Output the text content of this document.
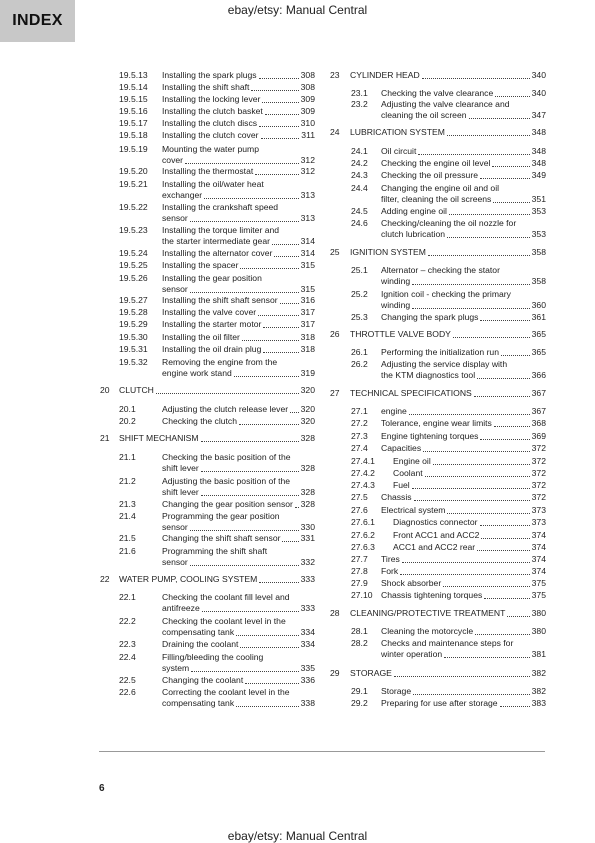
INDEX
ebay/etsy: Manual Central
19.5.13	Installing the spark plugs	308
19.5.14	Installing the shift shaft	308
19.5.15	Installing the locking lever	309
19.5.16	Installing the clutch basket	309
19.5.17	Installing the clutch discs	310
19.5.18	Installing the clutch cover	311
19.5.19	Mounting the water pump
cover	312
19.5.20	Installing the thermostat	312
19.5.21	Installing the oil/water heat
exchanger	313
19.5.22	Installing the crankshaft speed
sensor	313
19.5.23	Installing the torque limiter and
the starter intermediate gear	314
19.5.24	Installing the alternator cover	314
19.5.25	Installing the spacer	315
19.5.26	Installing the gear position
sensor	315
19.5.27	Installing the shift shaft sensor	316
19.5.28	Installing the valve cover	317
19.5.29	Installing the starter motor	317
19.5.30	Installing the oil filter	318
19.5.31	Installing the oil drain plug	318
19.5.32	Removing the engine from the
engine work stand	319
20	CLUTCH	320
20.1	Adjusting the clutch release lever 320
20.2	Checking the clutch	320
21	SHIFT MECHANISM	328
21.1	Checking the basic position of the
shift lever	328
21.2	Adjusting the basic position of the
shift lever	328
21.3	Changing the gear position sensor 328
21.4	Programming the gear position
sensor	330
21.5	Changing the shift shaft sensor 331
21.6	Programming the shift shaft
sensor	332
22	WATER PUMP, COOLING SYSTEM	333
22.1	Checking the coolant fill level and
antifreeze	333
22.2	Checking the coolant level in the
compensating tank	334
22.3	Draining the coolant	334
22.4	Filling/bleeding the cooling
system	335
22.5	Changing the coolant	336
22.6	Correcting the coolant level in the
compensating tank	338
23	CYLINDER HEAD	340
23.1	Checking the valve clearance	340
23.2	Adjusting the valve clearance and
cleaning the oil screen	347
24	LUBRICATION SYSTEM	348
24.1	Oil circuit	348
24.2	Checking the engine oil level	348
24.3	Checking the oil pressure	349
24.4	Changing the engine oil and oil
filter, cleaning the oil screens	351
24.5	Adding engine oil	353
24.6	Checking/cleaning the oil nozzle for
clutch lubrication	353
25	IGNITION SYSTEM	358
25.1	Alternator – checking the stator
winding	358
25.2	Ignition coil - checking the primary
winding	360
25.3	Changing the spark plugs	361
26	THROTTLE VALVE BODY	365
26.1	Performing the initialization run	365
26.2	Adjusting the service display with
the KTM diagnostics tool	366
27	TECHNICAL SPECIFICATIONS	367
27.1	engine	367
27.2	Tolerance, engine wear limits	368
27.3	Engine tightening torques	369
27.4	Capacities	372
27.4.1	Engine oil	372
27.4.2	Coolant	372
27.4.3	Fuel	372
27.5	Chassis	372
27.6	Electrical system	373
27.6.1	Diagnostics connector	373
27.6.2	Front ACC1 and ACC2	374
27.6.3	ACC1 and ACC2 rear	374
27.7	Tires	374
27.8	Fork	374
27.9	Shock absorber	375
27.10 Chassis tightening torques	375
28	CLEANING/PROTECTIVE TREATMENT	380
28.1	Cleaning the motorcycle	380
28.2	Checks and maintenance steps for
winter operation	381
29	STORAGE	382
29.1	Storage	382
29.2	Preparing for use after storage	383
6
ebay/etsy: Manual Central
